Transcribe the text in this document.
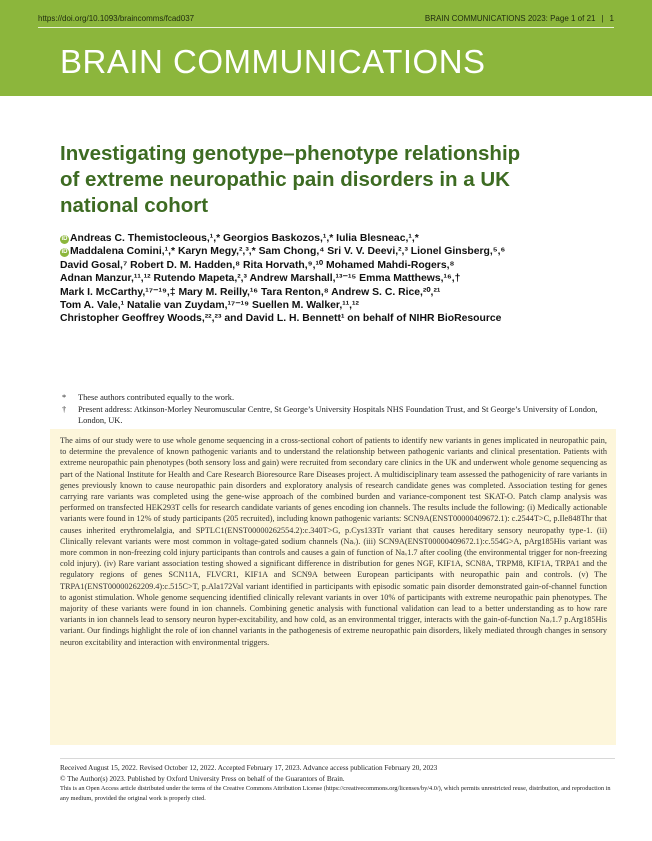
https://doi.org/10.1093/braincomms/fcad037	BRAIN COMMUNICATIONS 2023: Page 1 of 21 | 1
BRAIN COMMUNICATIONS
Investigating genotype–phenotype relationship of extreme neuropathic pain disorders in a UK national cohort
iD Andreas C. Themistocleous,¹,* Georgios Baskozos,¹,* Iulia Blesneac,¹,*
iD Maddalena Comini,¹,* Karyn Megy,²,³,* Sam Chong,⁴ Sri V. V. Deevi,²,³ Lionel Ginsberg,⁵,⁶
David Gosal,⁷ Robert D. M. Hadden,⁸ Rita Horvath,⁹,¹⁰ Mohamed Mahdi-Rogers,⁸
Adnan Manzur,¹¹,¹² Rutendo Mapeta,²,³ Andrew Marshall,¹³⁻¹⁵ Emma Matthews,¹⁶,†
Mark I. McCarthy,¹⁷⁻¹⁹,‡ Mary M. Reilly,¹⁶ Tara Renton,⁸ Andrew S. C. Rice,²⁰,²¹
Tom A. Vale,¹ Natalie van Zuydam,¹⁷⁻¹⁹ Suellen M. Walker,¹¹,¹²
Christopher Geoffrey Woods,²²,²³ and David L. H. Bennett¹ on behalf of NIHR BioResource
* These authors contributed equally to the work.
† Present address: Atkinson-Morley Neuromuscular Centre, St George’s University Hospitals NHS Foundation Trust, and St George’s University of London, London, UK.

The aims of our study were to use whole genome sequencing in a cross-sectional cohort of patients to identify new variants in genes implicated in neuropathic pain, to determine the prevalence of known pathogenic variants and to understand the relationship between pathogenic variants and clinical presentation. Patients with extreme neuropathic pain phenotypes (both sensory loss and gain) were recruited from secondary care clinics in the UK and underwent whole genome sequencing as part of the National Institute for Health and Care Research Bioresource Rare Diseases project. A multidisciplinary team assessed the pathogenicity of rare variants in genes previously known to cause neuropathic pain disorders and exploratory analysis of research candidate genes was completed. Association testing for genes carrying rare variants was completed using the gene-wise approach of the combined burden and variance-component test SKAT-O. Patch clamp analysis was performed on transfected HEK293T cells for research candidate variants of genes encoding ion channels. The results include the following: (i) Medically actionable variants were found in 12% of study participants (205 recruited), including known pathogenic variants: SCN9A(ENST00000409672.1): c.2544T>C, p.Ile848Thr that causes inherited erythromelalgia, and SPTLC1(ENST00000262554.2):c.340T>G, p.Cys133Tr variant that causes hereditary sensory neuropathy type-1. (ii) Clinically relevant variants were most common in voltage-gated sodium channels (Naᵥ). (iii) SCN9A(ENST00000409672.1):c.554G>A, pArg185His variant was more common in non-freezing cold injury participants than controls and causes a gain of function of Naᵥ1.7 after cooling (the environmental trigger for non-freezing cold injury). (iv) Rare variant association testing showed a significant difference in distribution for genes NGF, KIF1A, SCN8A, TRPM8, KIF1A, TRPA1 and the regulatory regions of genes SCN11A, FLVCR1, KIF1A and SCN9A between European participants with neuropathic pain and controls. (v) The TRPA1(ENST00000262209.4):c.515C>T, p.Ala172Val variant identified in participants with episodic somatic pain disorder demonstrated gain-of-channel function to agonist stimulation. Whole genome sequencing identified clinically relevant variants in over 10% of participants with extreme neuropathic pain phenotypes. The majority of these variants were found in ion channels. Combining genetic analysis with functional validation can lead to a better understanding as to how rare variants in ion channels lead to sensory neuron hyper-excitability, and how cold, as an environmental trigger, interacts with the gain-of-function Naᵥ1.7 p.Arg185His variant. Our findings highlight the role of ion channel variants in the pathogenesis of extreme neuropathic pain disorders, likely mediated through changes in sensory neuron excitability and interaction with environmental triggers.

Received August 15, 2022. Revised October 12, 2022. Accepted February 17, 2023. Advance access publication February 20, 2023
© The Author(s) 2023. Published by Oxford University Press on behalf of the Guarantors of Brain.
This is an Open Access article distributed under the terms of the Creative Commons Attribution License (https://creativecommons.org/licenses/by/4.0/), which permits unrestricted reuse, distribution, and reproduction in any medium, provided the original work is properly cited.
